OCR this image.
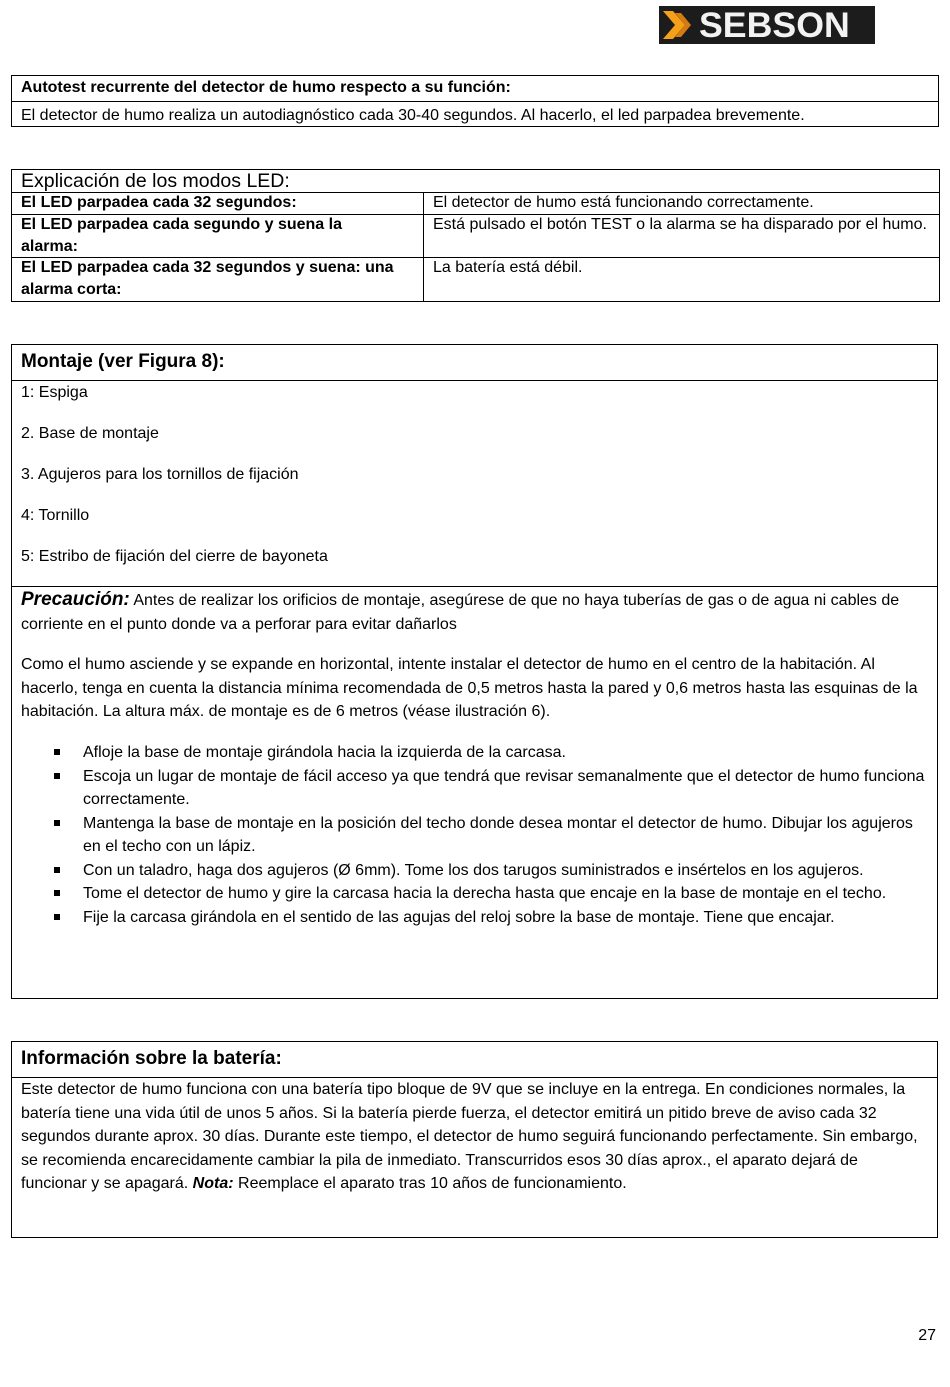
SEBSON
Autotest recurrente del detector de humo respecto a su función:
El detector de humo realiza un autodiagnóstico cada 30-40 segundos. Al hacerlo, el led parpadea brevemente.
Explicación de los modos LED:
El LED parpadea cada 32 segundos:	El detector de humo está funcionando correctamente.
El LED parpadea cada segundo y suena la alarma:
Está pulsado el botón TEST o la alarma se ha disparado por el humo.
El LED parpadea cada 32 segundos y suena: una alarma corta:
La batería está débil.
Montaje (ver Figura 8):
1: Espiga
2. Base de montaje
3. Agujeros para los tornillos de fijación
4: Tornillo
5: Estribo de fijación del cierre de bayoneta
Precaución: Antes de realizar los orificios de montaje, asegúrese de que no haya tuberías de gas o de agua ni cables de corriente en el punto donde va a perforar para evitar dañarlos
Como el humo asciende y se expande en horizontal, intente instalar el detector de humo en el centro de la habitación. Al hacerlo, tenga en cuenta la distancia mínima recomendada de 0,5 metros hasta la pared y 0,6 metros hasta las esquinas de la habitación. La altura máx. de montaje es de 6 metros (véase ilustración 6).
Afloje la base de montaje girándola hacia la izquierda de la carcasa.
Escoja un lugar de montaje de fácil acceso ya que tendrá que revisar semanalmente que el detector de humo funciona correctamente.
Mantenga la base de montaje en la posición del techo donde desea montar el detector de humo. Dibujar los agujeros en el techo con un lápiz.
Con un taladro, haga dos agujeros (Ø 6mm). Tome los dos tarugos suministrados e insértelos en los agujeros.
Tome el detector de humo y gire la carcasa hacia la derecha hasta que encaje en la base de montaje en el techo.
Fije la carcasa girándola en el sentido de las agujas del reloj sobre la base de montaje. Tiene que encajar.
Información sobre la batería:
Este detector de humo funciona con una batería tipo bloque de 9V que se incluye en la entrega. En condiciones normales, la batería tiene una vida útil de unos 5 años. Si la batería pierde fuerza, el detector emitirá un pitido breve de aviso cada 32 segundos durante aprox. 30 días. Durante este tiempo, el detector de humo seguirá funcionando perfectamente. Sin embargo, se recomienda encarecidamente cambiar la pila de inmediato. Transcurridos esos 30 días aprox., el aparato dejará de funcionar y se apagará. Nota: Reemplace el aparato tras 10 años de funcionamiento.
27
